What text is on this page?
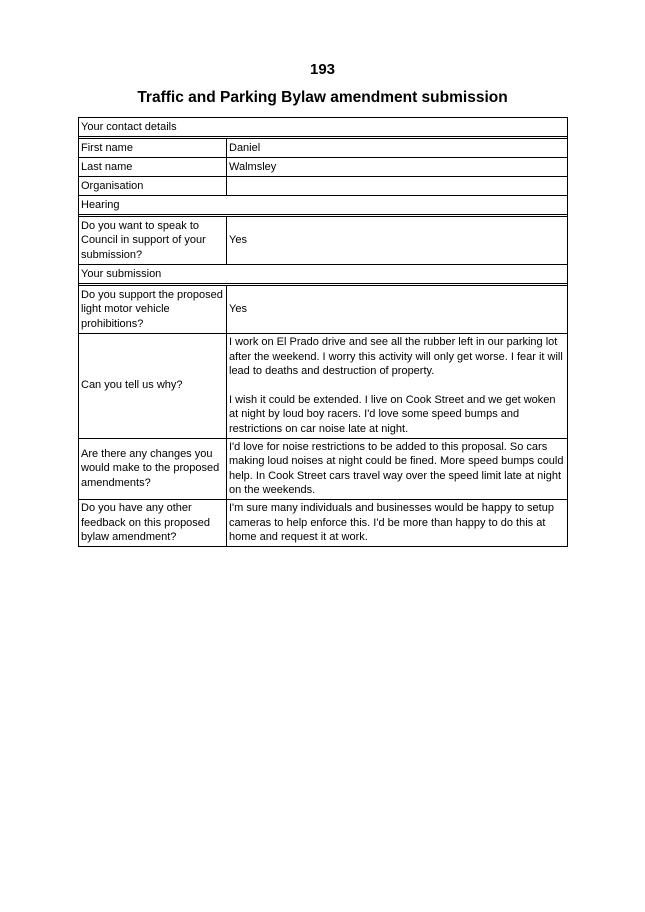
193
Traffic and Parking Bylaw amendment submission
Your contact details	

First name	Daniel
Last name	Walmsley
Organisation	
Hearing	

Do you want to speak to Council in support of your submission?	Yes
Your submission	

Do you support the proposed light motor vehicle prohibitions?	Yes
Can you tell us why?	I work on El Prado drive and see all the rubber left in our parking lot after the weekend. I worry this activity will only get worse. I fear it will lead to deaths and destruction of property.
I wish it could be extended. I live on Cook Street and we get woken at night by loud boy racers. I'd love some speed bumps and restrictions on car noise late at night.

Are there any changes you would make to the proposed amendments?	I'd love for noise restrictions to be added to this proposal. So cars making loud noises at night could be fined. More speed bumps could help. In Cook Street cars travel way over the speed limit late at night on the weekends.
Do you have any other feedback on this proposed bylaw amendment?	I'm sure many individuals and businesses would be happy to setup cameras to help enforce this. I'd be more than happy to do this at home and request it at work.
